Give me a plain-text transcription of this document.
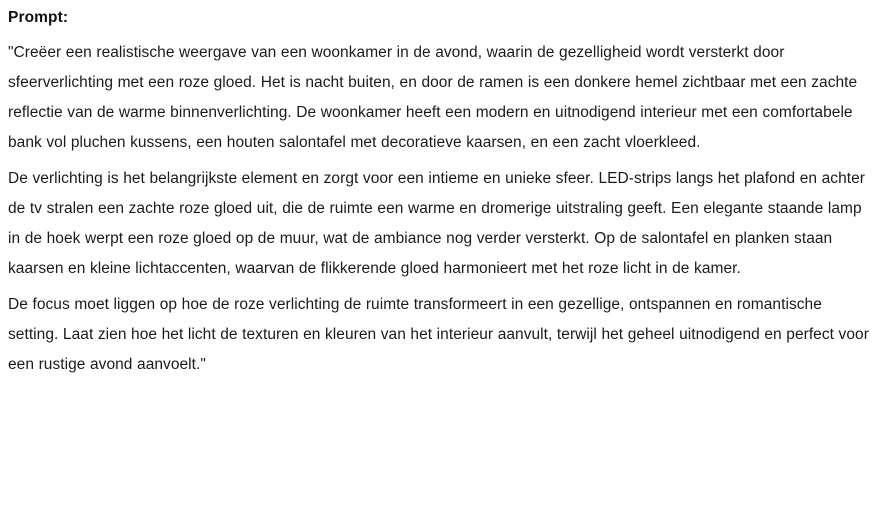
Prompt:

"Creëer een realistische weergave van een woonkamer in de avond, waarin de gezelligheid wordt versterkt door sfeerverlichting met een roze gloed. Het is nacht buiten, en door de ramen is een donkere hemel zichtbaar met een zachte reflectie van de warme binnenverlichting. De woonkamer heeft een modern en uitnodigend interieur met een comfortabele bank vol pluchen kussens, een houten salontafel met decoratieve kaarsen, en een zacht vloerkleed.

De verlichting is het belangrijkste element en zorgt voor een intieme en unieke sfeer. LED-strips langs het plafond en achter de tv stralen een zachte roze gloed uit, die de ruimte een warme en dromerige uitstraling geeft. Een elegante staande lamp in de hoek werpt een roze gloed op de muur, wat de ambiance nog verder versterkt. Op de salontafel en planken staan kaarsen en kleine lichtaccenten, waarvan de flikkerende gloed harmonieert met het roze licht in de kamer.

De focus moet liggen op hoe de roze verlichting de ruimte transformeert in een gezellige, ontspannen en romantische setting. Laat zien hoe het licht de texturen en kleuren van het interieur aanvult, terwijl het geheel uitnodigend en perfect voor een rustige avond aanvoelt."
